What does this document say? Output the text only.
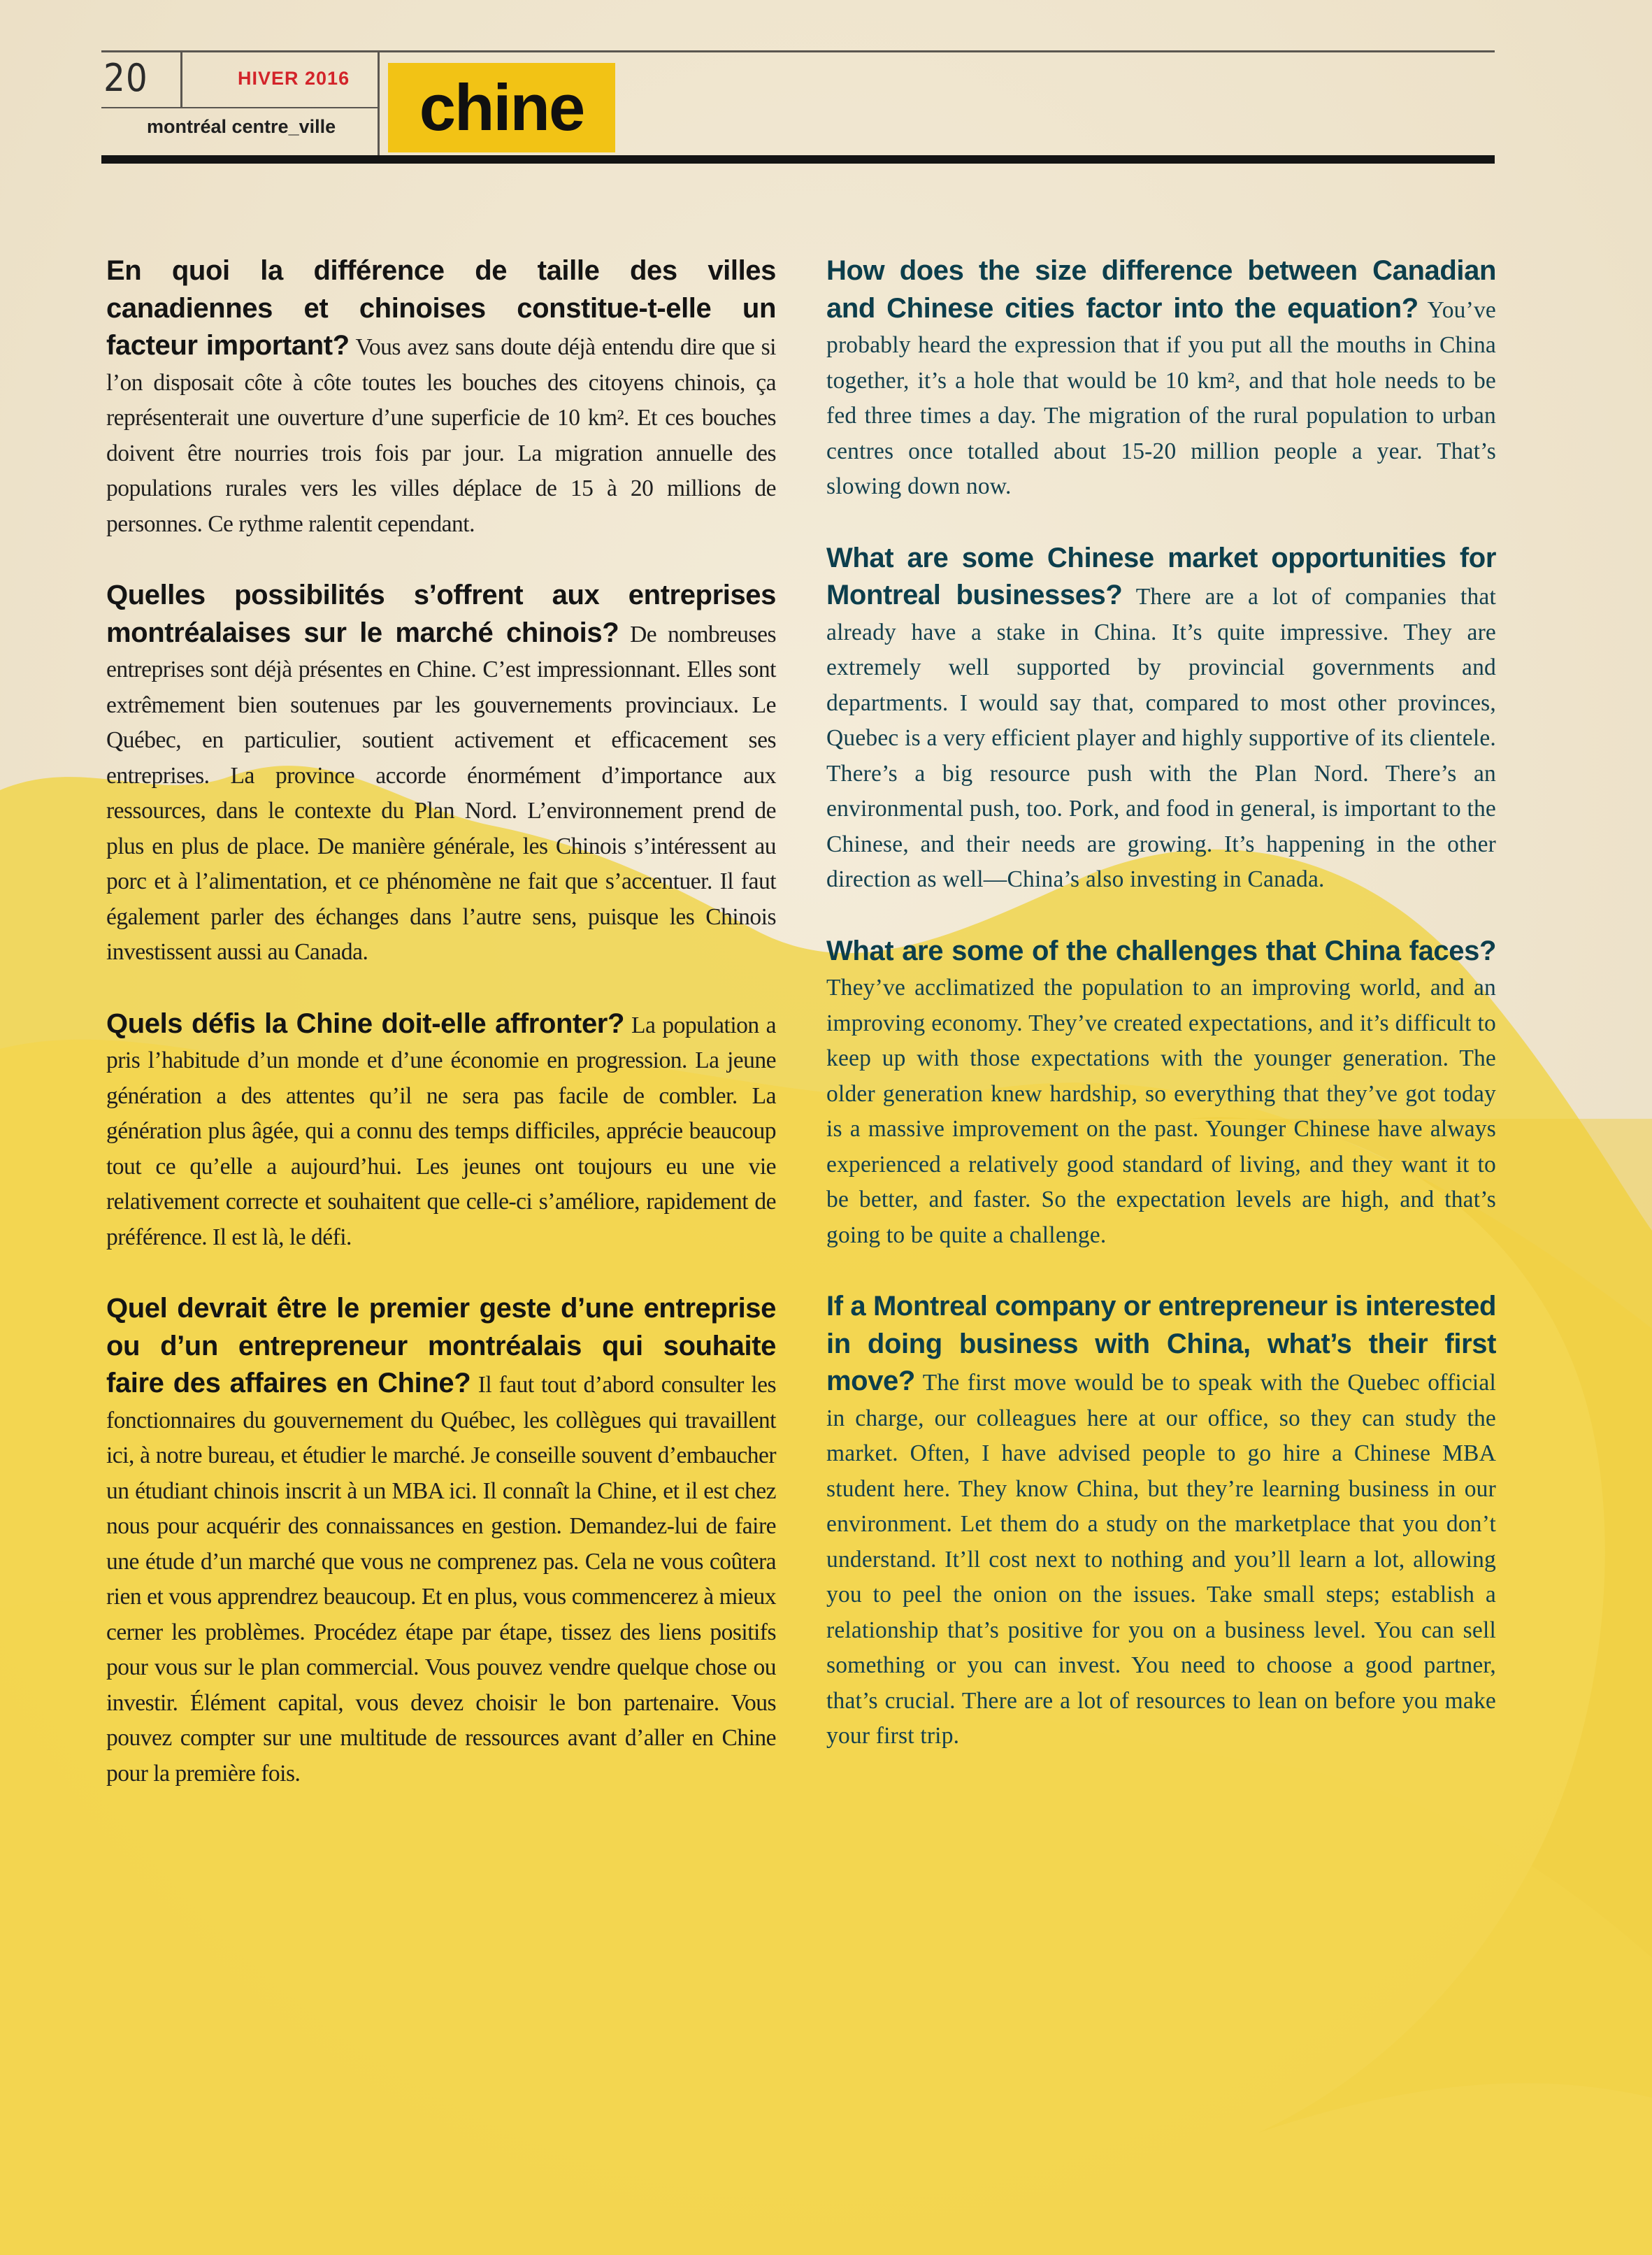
20	HIVER 2016
montréal centre_ville	chine

En quoi la différence de taille des villes canadiennes et chinoises constitue-t-elle un facteur important? Vous avez sans doute déjà entendu dire que si l’on disposait côte à côte toutes les bouches des citoyens chinois, ça représenterait une ouverture d’une superficie de 10 km². Et ces bouches doivent être nourries trois fois par jour. La migration annuelle des populations rurales vers les villes déplace de 15 à 20 millions de personnes. Ce rythme ralentit cependant.

Quelles possibilités s’offrent aux entreprises montréalaises sur le marché chinois? De nombreuses entreprises sont déjà présentes en Chine. C’est impressionnant. Elles sont extrêmement bien soutenues par les gouvernements provinciaux. Le Québec, en particulier, soutient activement et efficacement ses entreprises. La province accorde énormément d’importance aux ressources, dans le contexte du Plan Nord. L’environnement prend de plus en plus de place. De manière générale, les Chinois s’intéressent au porc et à l’alimentation, et ce phénomène ne fait que s’accentuer. Il faut également parler des échanges dans l’autre sens, puisque les Chinois investissent aussi au Canada.

Quels défis la Chine doit-elle affronter? La population a pris l’habitude d’un monde et d’une économie en progression. La jeune génération a des attentes qu’il ne sera pas facile de combler. La génération plus âgée, qui a connu des temps difficiles, apprécie beaucoup tout ce qu’elle a aujourd’hui. Les jeunes ont toujours eu une vie relativement correcte et souhaitent que celle-ci s’améliore, rapidement de préférence. Il est là, le défi.

Quel devrait être le premier geste d’une entreprise ou d’un entrepreneur montréalais qui souhaite faire des affaires en Chine? Il faut tout d’abord consulter les fonctionnaires du gouvernement du Québec, les collègues qui travaillent ici, à notre bureau, et étudier le marché. Je conseille souvent d’embaucher un étudiant chinois inscrit à un MBA ici. Il connaît la Chine, et il est chez nous pour acquérir des connaissances en gestion. Demandez-lui de faire une étude d’un marché que vous ne comprenez pas. Cela ne vous coûtera rien et vous apprendrez beaucoup. Et en plus, vous commencerez à mieux cerner les problèmes. Procédez étape par étape, tissez des liens positifs pour vous sur le plan commercial. Vous pouvez vendre quelque chose ou investir. Élément capital, vous devez choisir le bon partenaire. Vous pouvez compter sur une multitude de ressources avant d’aller en Chine pour la première fois.

How does the size difference between Canadian and Chinese cities factor into the equation? You’ve probably heard the expression that if you put all the mouths in China together, it’s a hole that would be 10 km², and that hole needs to be fed three times a day. The migration of the rural population to urban centres once totalled about 15-20 million people a year. That’s slowing down now.

What are some Chinese market opportunities for Montreal businesses? There are a lot of companies that already have a stake in China. It’s quite impressive. They are extremely well supported by provincial governments and departments. I would say that, compared to most other provinces, Quebec is a very efficient player and highly supportive of its clientele. There’s a big resource push with the Plan Nord. There’s an environmental push, too. Pork, and food in general, is important to the Chinese, and their needs are growing. It’s happening in the other direction as well—China’s also investing in Canada.

What are some of the challenges that China faces? They’ve acclimatized the population to an improving world, and an improving economy. They’ve created expectations, and it’s difficult to keep up with those expectations with the younger generation. The older generation knew hardship, so everything that they’ve got today is a massive improvement on the past. Younger Chinese have always experienced a relatively good standard of living, and they want it to be better, and faster. So the expectation levels are high, and that’s going to be quite a challenge.

If a Montreal company or entrepreneur is interested in doing business with China, what’s their first move? The first move would be to speak with the Quebec official in charge, our colleagues here at our office, so they can study the market. Often, I have advised people to go hire a Chinese MBA student here. They know China, but they’re learning business in our environment. Let them do a study on the marketplace that you don’t understand. It’ll cost next to nothing and you’ll learn a lot, allowing you to peel the onion on the issues. Take small steps; establish a relationship that’s positive for you on a business level. You can sell something or you can invest. You need to choose a good partner, that’s crucial. There are a lot of resources to lean on before you make your first trip.
